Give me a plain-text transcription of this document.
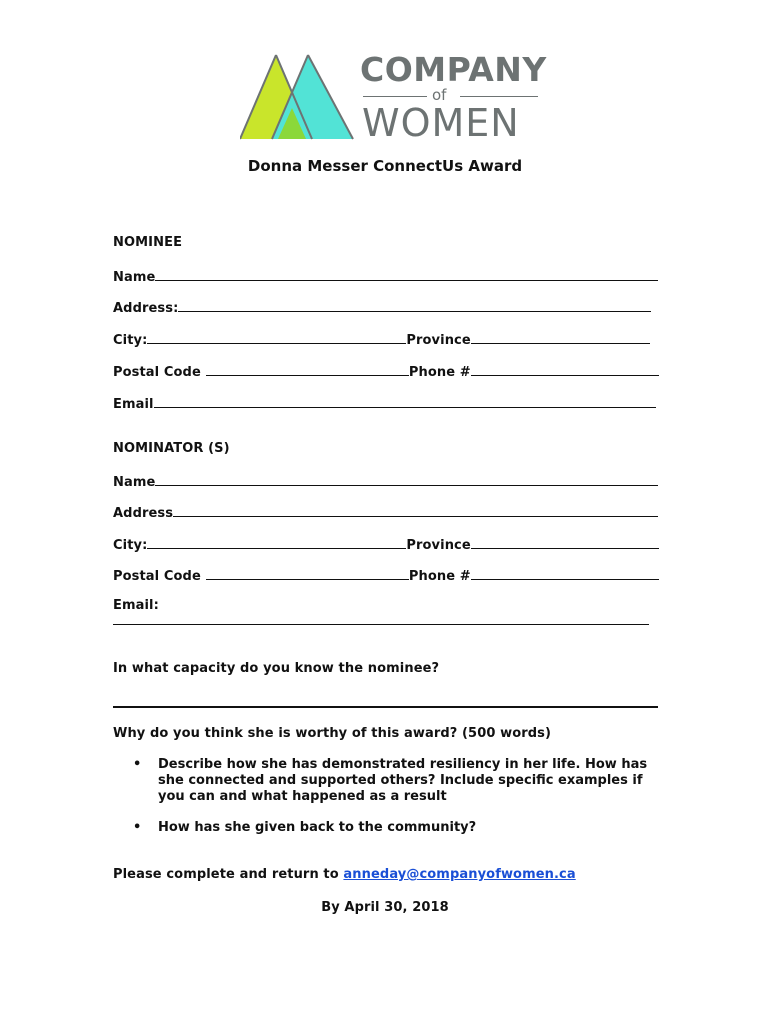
COMPANY
of
WOMEN
Donna Messer ConnectUs Award
NOMINEE
Name
Address:
City:	Province
Postal Code	Phone #
Email
NOMINATOR (S)
Name
Address
City:	Province
Postal Code	Phone #
Email:
In what capacity do you know the nominee?
Why do you think she is worthy of this award? (500 words)
• Describe how she has demonstrated resiliency in her life. How has she connected and supported others? Include specific examples if you can and what happened as a result
• How has she given back to the community?
Please complete and return to anneday@companyofwomen.ca
By April 30, 2018
